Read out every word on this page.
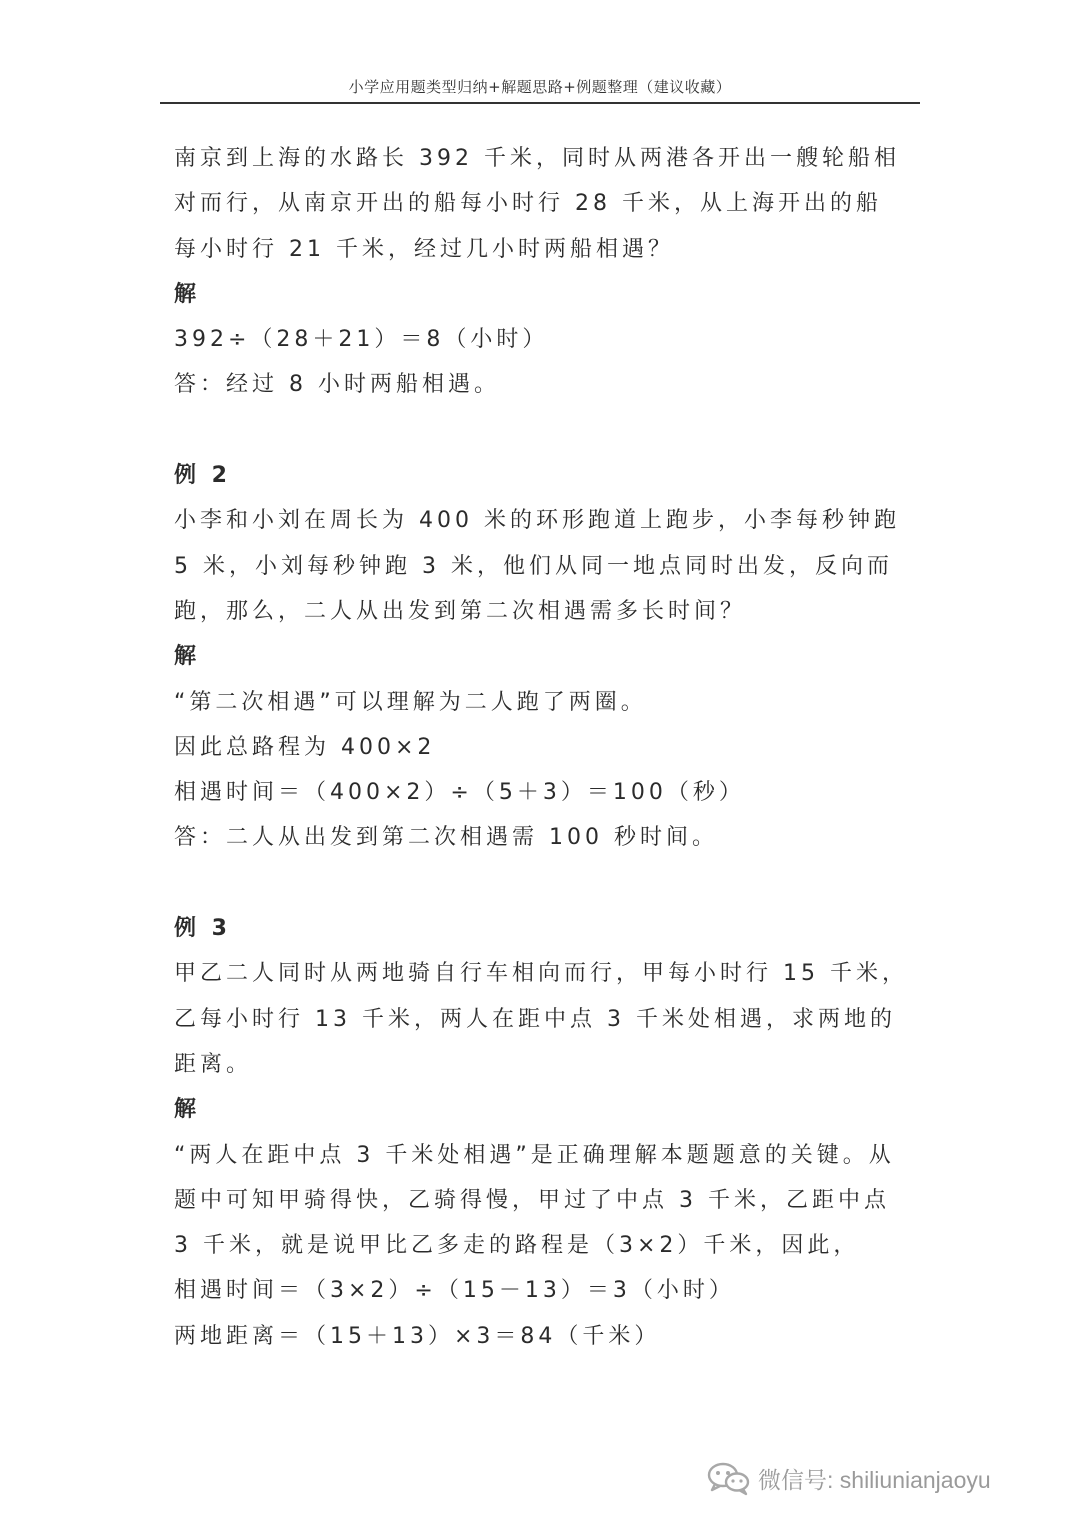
小学应用题类型归纳+解题思路+例题整理（建议收藏）
南京到上海的水路长 392 千米，同时从两港各开出一艘轮船相
对而行，从南京开出的船每小时行 28 千米，从上海开出的船
每小时行 21 千米，经过几小时两船相遇？
解
392÷（28＋21）＝8（小时）
答：经过 8 小时两船相遇。
例 2
小李和小刘在周长为 400 米的环形跑道上跑步，小李每秒钟跑
5 米，小刘每秒钟跑 3 米，他们从同一地点同时出发，反向而
跑，那么，二人从出发到第二次相遇需多长时间？
解
“第二次相遇”可以理解为二人跑了两圈。
因此总路程为 400×2
相遇时间＝（400×2）÷（5＋3）＝100（秒）
答：二人从出发到第二次相遇需 100 秒时间。
例 3
甲乙二人同时从两地骑自行车相向而行，甲每小时行 15 千米，
乙每小时行 13 千米，两人在距中点 3 千米处相遇，求两地的
距离。
解
“两人在距中点 3 千米处相遇”是正确理解本题题意的关键。从
题中可知甲骑得快，乙骑得慢，甲过了中点 3 千米，乙距中点
3 千米，就是说甲比乙多走的路程是（3×2）千米，因此，
相遇时间＝（3×2）÷（15－13）＝3（小时）
两地距离＝（15＋13）×3＝84（千米）
微信号: shiliunianjaoyu
